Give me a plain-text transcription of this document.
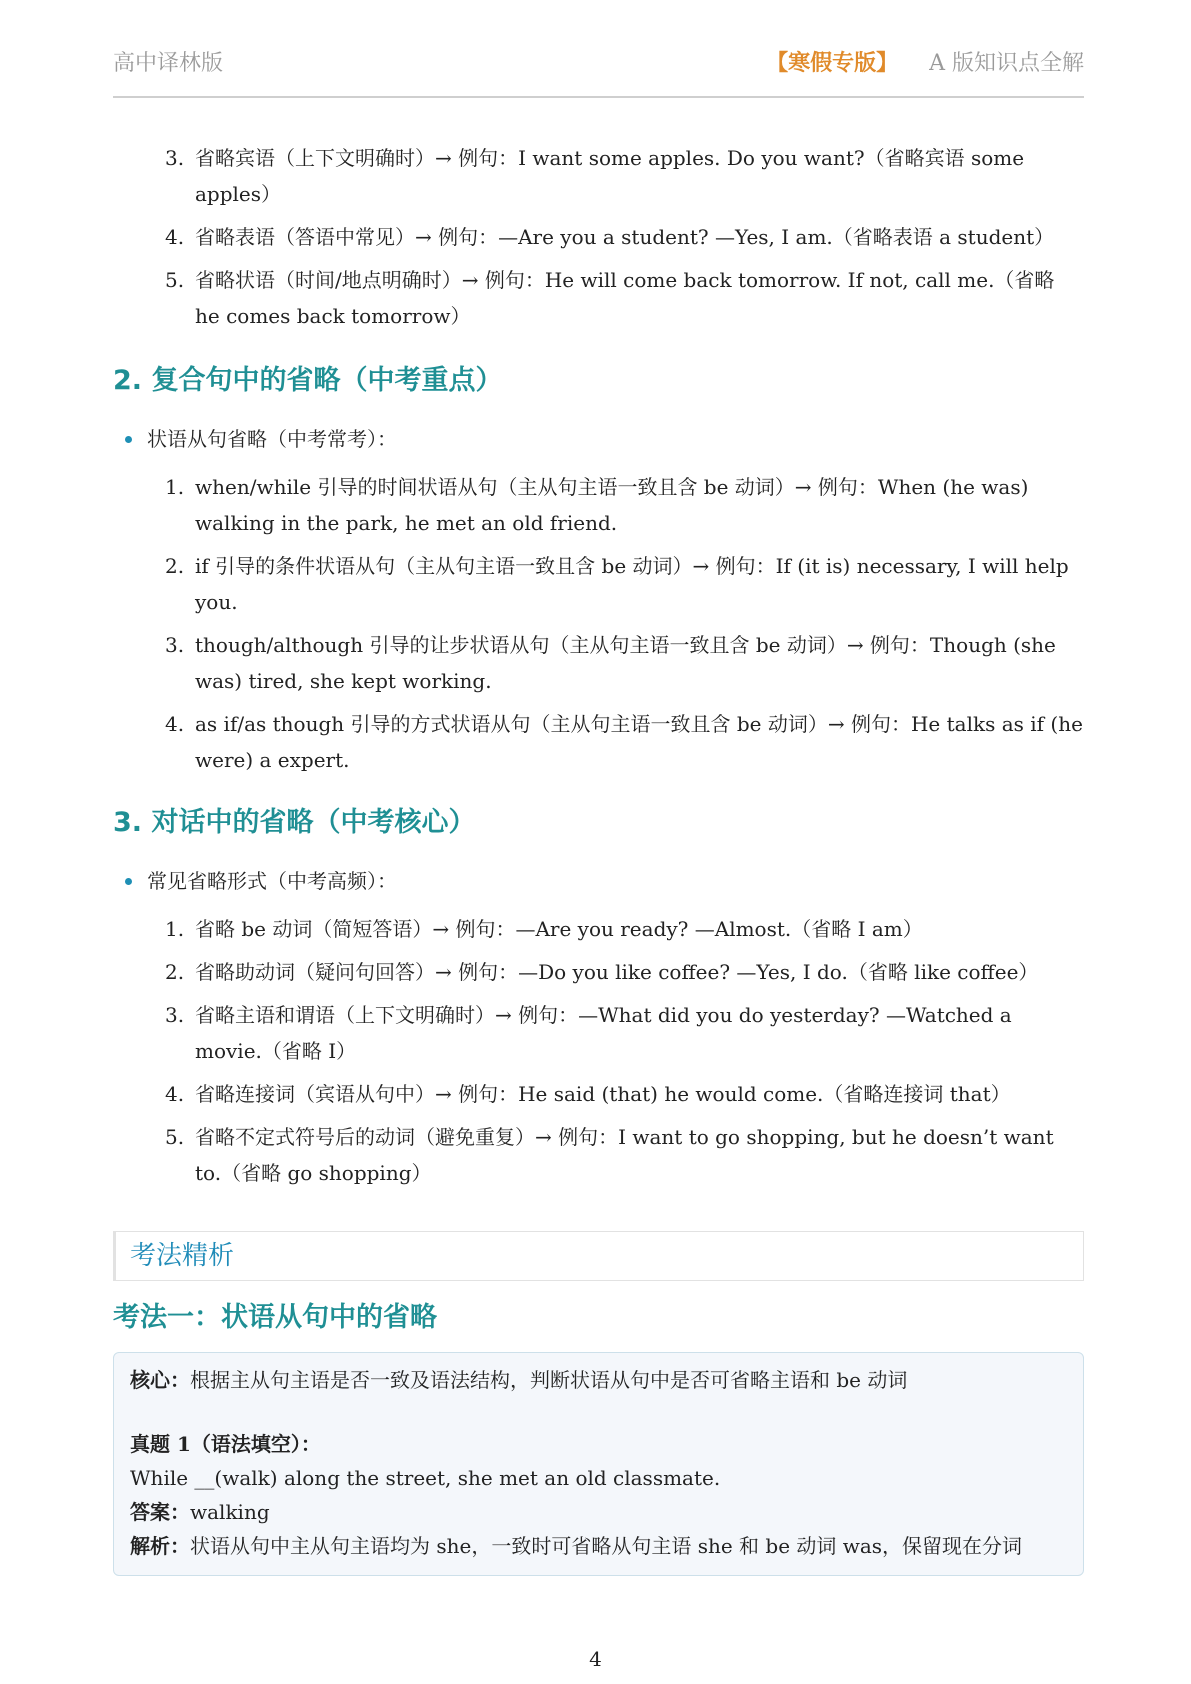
高中译林版	【寒假专版】 A 版知识点全解
3. 省略宾语（上下文明确时）→ 例句：I want some apples. Do you want?（省略宾语 some apples）
4. 省略表语（答语中常见）→ 例句：—Are you a student? —Yes, I am.（省略表语 a student）
5. 省略状语（时间/地点明确时）→ 例句：He will come back tomorrow. If not, call me.（省略 he comes back tomorrow）
2. 复合句中的省略（中考重点）
状语从句省略（中考常考）：
1. when/while 引导的时间状语从句（主从句主语一致且含 be 动词）→ 例句：When (he was) walking in the park, he met an old friend.
2. if 引导的条件状语从句（主从句主语一致且含 be 动词）→ 例句：If (it is) necessary, I will help you.
3. though/although 引导的让步状语从句（主从句主语一致且含 be 动词）→ 例句：Though (she was) tired, she kept working.
4. as if/as though 引导的方式状语从句（主从句主语一致且含 be 动词）→ 例句：He talks as if (he were) a expert.
3. 对话中的省略（中考核心）
常见省略形式（中考高频）：
1. 省略 be 动词（简短答语）→ 例句：—Are you ready? —Almost.（省略 I am）
2. 省略助动词（疑问句回答）→ 例句：—Do you like coffee? —Yes, I do.（省略 like coffee）
3. 省略主语和谓语（上下文明确时）→ 例句：—What did you do yesterday? —Watched a movie.（省略 I）
4. 省略连接词（宾语从句中）→ 例句：He said (that) he would come.（省略连接词 that）
5. 省略不定式符号后的动词（避免重复）→ 例句：I want to go shopping, but he doesn’t want to.（省略 go shopping）
考法精析
考法一：状语从句中的省略
核心：根据主从句主语是否一致及语法结构，判断状语从句中是否可省略主语和 be 动词
真题 1（语法填空）：
While __(walk) along the street, she met an old classmate.
答案：walking
解析：状语从句中主从句主语均为 she，一致时可省略从句主语 she 和 be 动词 was，保留现在分词
4
